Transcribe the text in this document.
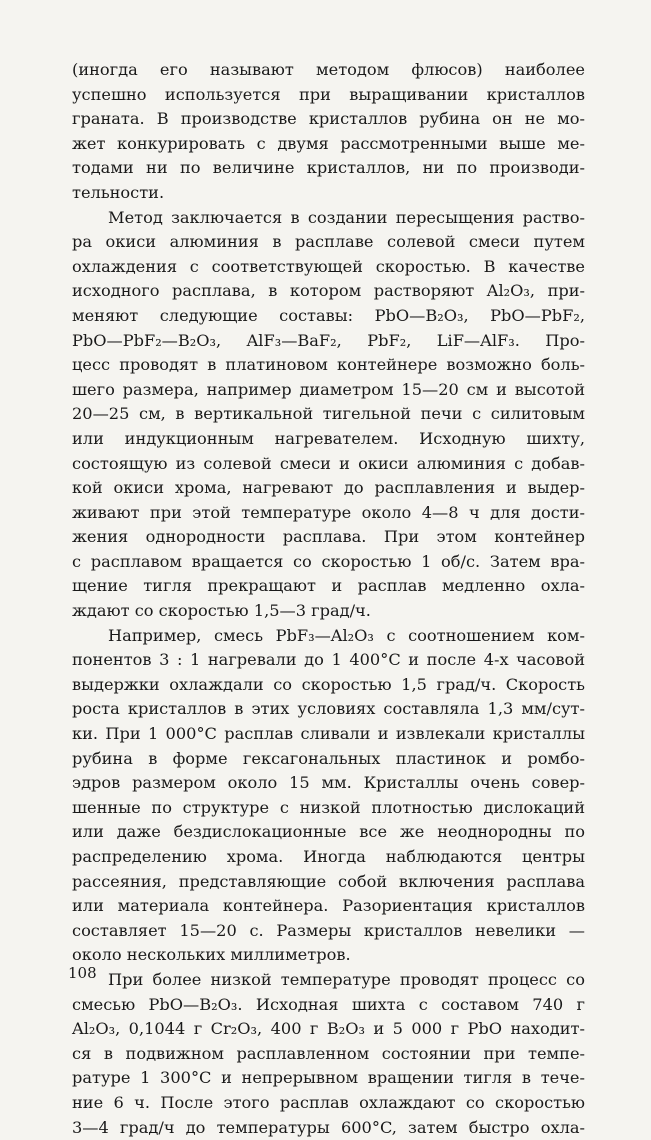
(иногда его называют методом флюсов) наиболее
успешно используется при выращивании кристаллов
граната. В производстве кристаллов рубина он не мо-
жет конкурировать с двумя рассмотренными выше ме-
тодами ни по величине кристаллов, ни по производи-
тельности.

Метод заключается в создании пересыщения раство-
ра окиси алюминия в расплаве солевой смеси путем
охлаждения с соответствующей скоростью. В качестве
исходного расплава, в котором растворяют Al₂O₃, при-
меняют следующие составы: PbO—B₂O₃, PbO—PbF₂,
PbO—PbF₂—B₂O₃, AlF₃—BaF₂, PbF₂, LiF—AlF₃. Про-
цесс проводят в платиновом контейнере возможно боль-
шего размера, например диаметром 15—20 см и высотой
20—25 см, в вертикальной тигельной печи с силитовым
или индукционным нагревателем. Исходную шихту,
состоящую из солевой смеси и окиси алюминия с добав-
кой окиси хрома, нагревают до расплавления и выдер-
живают при этой температуре около 4—8 ч для дости-
жения однородности расплава. При этом контейнер
с расплавом вращается со скоростью 1 об/с. Затем вра-
щение тигля прекращают и расплав медленно охла-
ждают со скоростью 1,5—3 град/ч.

Например, смесь PbF₃—Al₂O₃ с соотношением ком-
понентов 3 : 1 нагревали до 1 400°C и после 4-х часовой
выдержки охлаждали со скоростью 1,5 град/ч. Скорость
роста кристаллов в этих условиях составляла 1,3 мм/сут-
ки. При 1 000°C расплав сливали и извлекали кристаллы
рубина в форме гексагональных пластинок и ромбо-
эдров размером около 15 мм. Кристаллы очень совер-
шенные по структуре с низкой плотностью дислокаций
или даже бездислокационные все же неоднородны по
распределению хрома. Иногда наблюдаются центры
рассеяния, представляющие собой включения расплава
или материала контейнера. Разориентация кристаллов
составляет 15—20 с. Размеры кристаллов невелики —
около нескольких миллиметров.

При более низкой температуре проводят процесс со
смесью PbO—B₂O₃. Исходная шихта с составом 740 г
Al₂O₃, 0,1044 г Cr₂O₃, 400 г B₂O₃ и 5 000 г PbO находит-
ся в подвижном расплавленном состоянии при темпе-
ратуре 1 300°C и непрерывном вращении тигля в тече-
ние 6 ч. После этого расплав охлаждают со скоростью
3—4 град/ч до температуры 600°C, затем быстро охла-

108
